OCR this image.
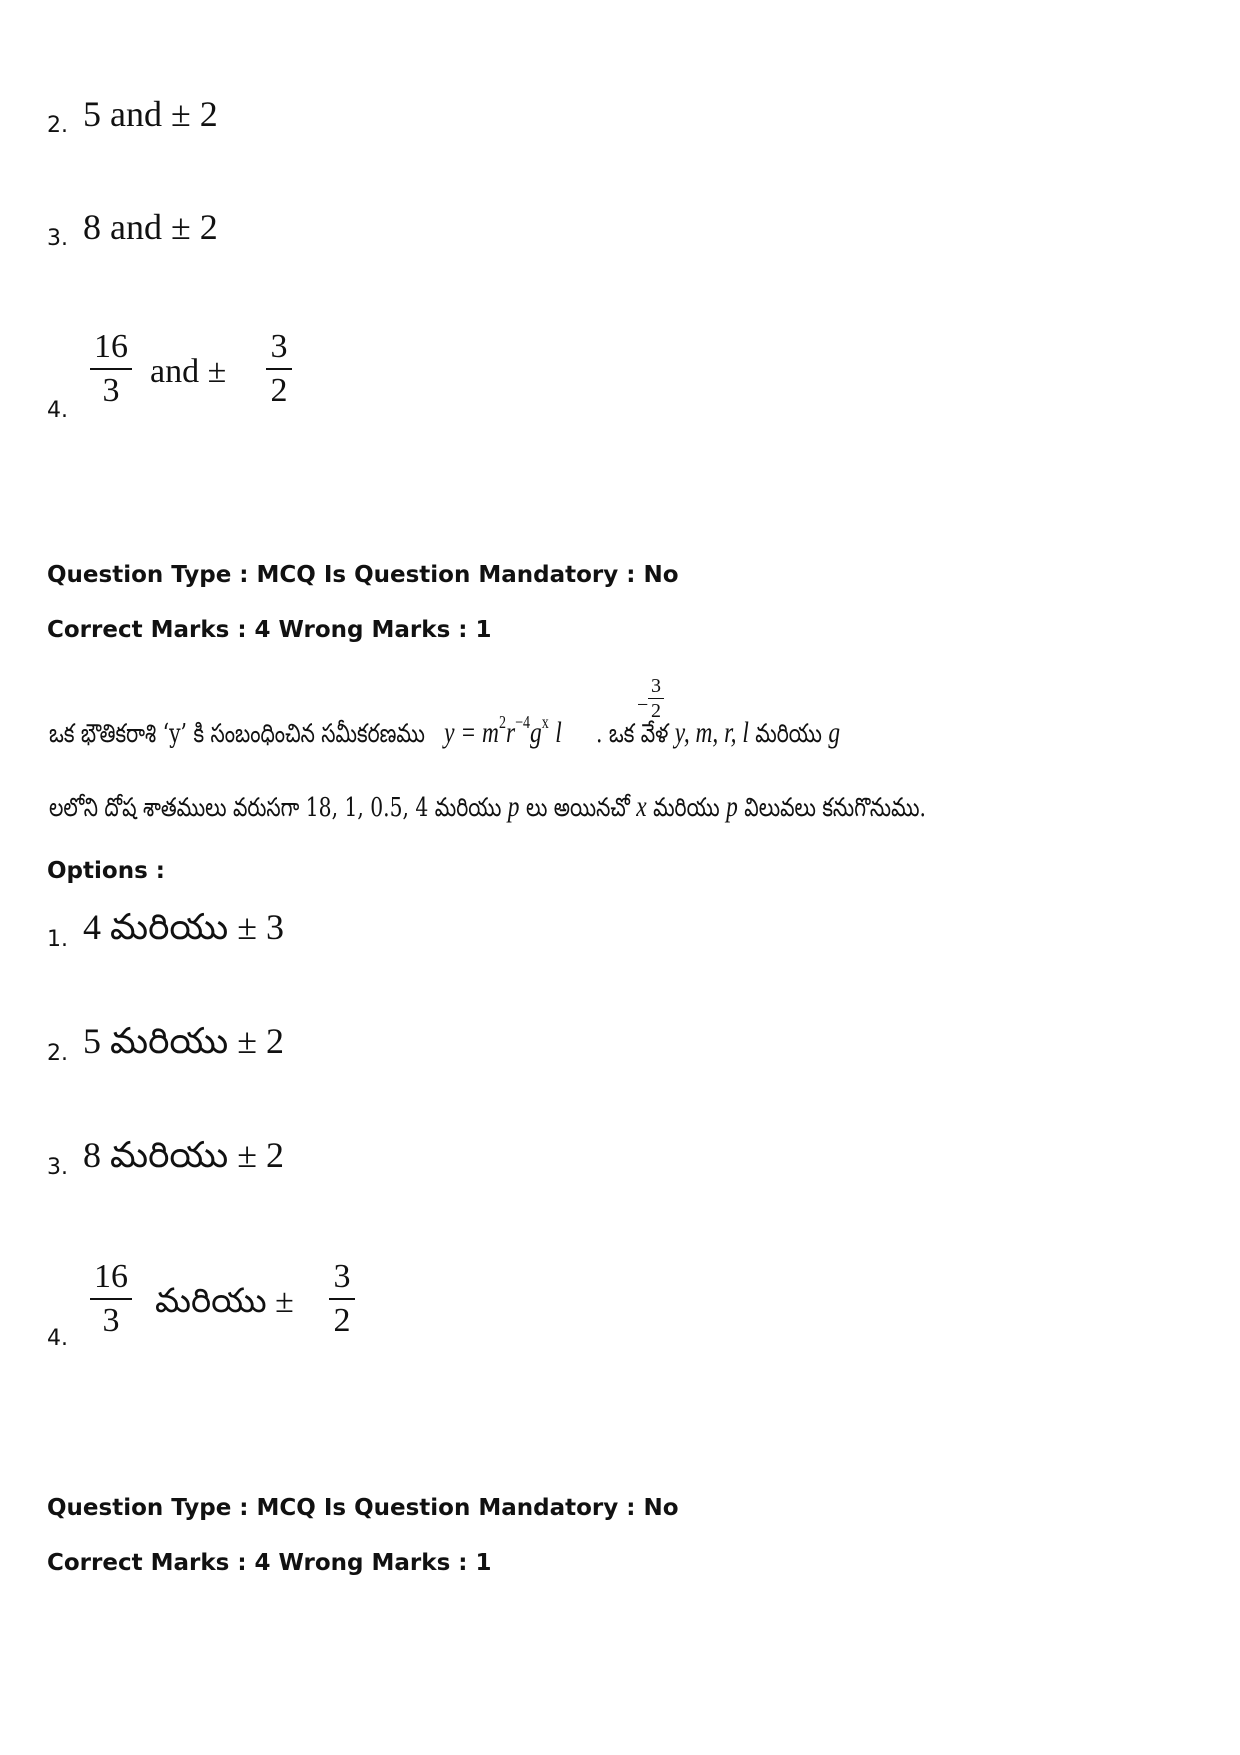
2. 5 and ± 2
3. 8 and ± 2
4.
16
3
and ±
3
2
Question Type : MCQ Is Question Mandatory : No
Correct Marks : 4 Wrong Marks : 1
ఒక భౌతికరాశి ‘y’ కి సంబంధించిన సమీకరణము $y = m^2r^{-4}g^x$ l . ఒక వేళ y, m, r, l మరియు g
−
3
2
లలోని దోష శాతములు వరుసగా 18, 1, 0.5, 4 మరియు p లు అయినచో x మరియు p విలువలు కనుగొనుము.
Options :
1. 4 మరియు ± 3
2. 5 మరియు ± 2
3. 8 మరియు ± 2
4.
16
3
మరియు ±
3
2
Question Type : MCQ Is Question Mandatory : No
Correct Marks : 4 Wrong Marks : 1
